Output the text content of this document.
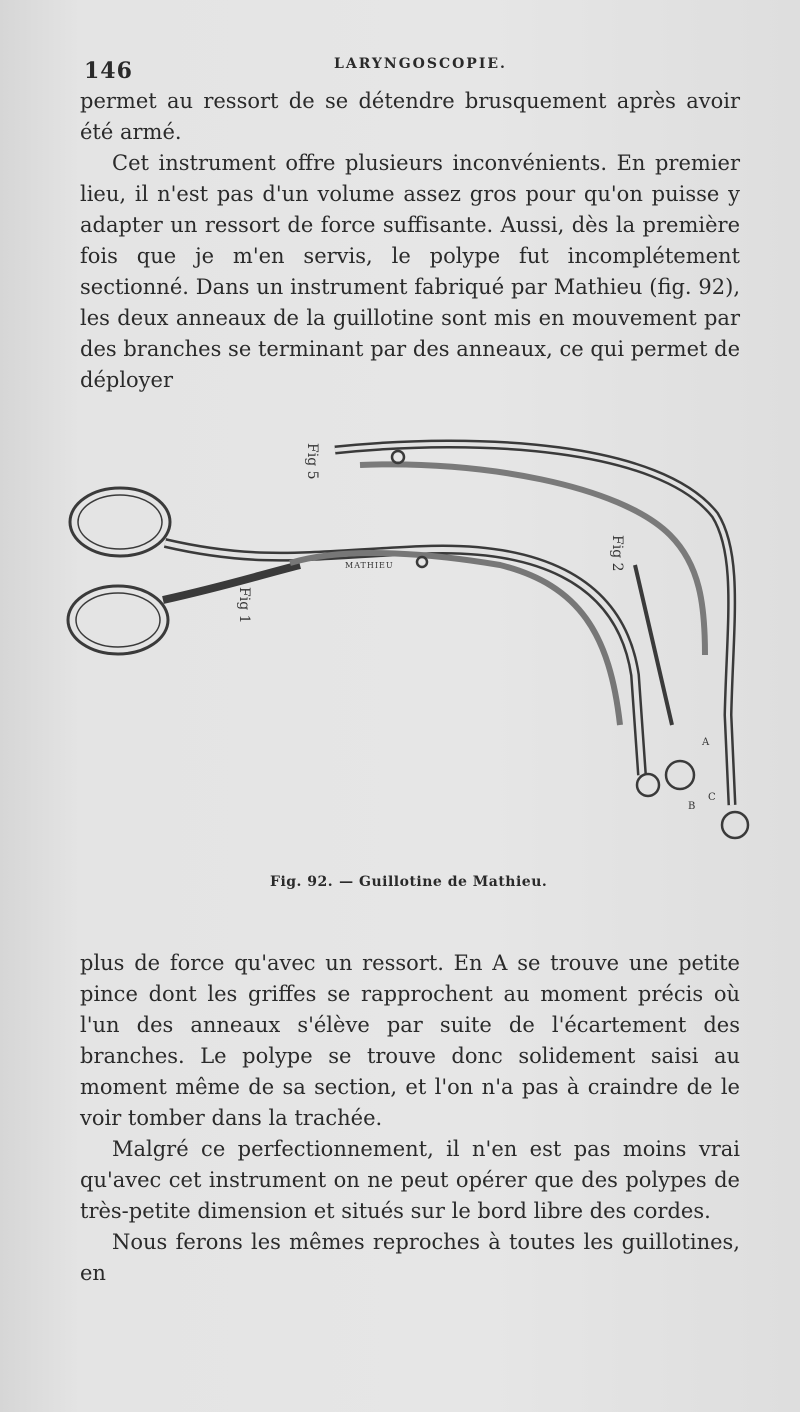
146	LARYNGOSCOPIE.

permet au ressort de se détendre brusquement après avoir été armé.

Cet instrument offre plusieurs inconvénients. En premier lieu, il n'est pas d'un volume assez gros pour qu'on puisse y adapter un ressort de force suffisante. Aussi, dès la première fois que je m'en servis, le polype fut incomplétement sectionné. Dans un instrument fabriqué par Mathieu (fig. 92), les deux anneaux de la guillotine sont mis en mouvement par des branches se terminant par des anneaux, ce qui permet de déployer

Fig 5
Fig 1
Fig 2
MATHIEU
A
B
C
Fig. 92. — Guillotine de Mathieu.

plus de force qu'avec un ressort. En A se trouve une petite pince dont les griffes se rapprochent au moment précis où l'un des anneaux s'élève par suite de l'écartement des branches. Le polype se trouve donc solidement saisi au moment même de sa section, et l'on n'a pas à craindre de le voir tomber dans la trachée.

Malgré ce perfectionnement, il n'en est pas moins vrai qu'avec cet instrument on ne peut opérer que des polypes de très-petite dimension et situés sur le bord libre des cordes.

Nous ferons les mêmes reproches à toutes les guillotines, en
